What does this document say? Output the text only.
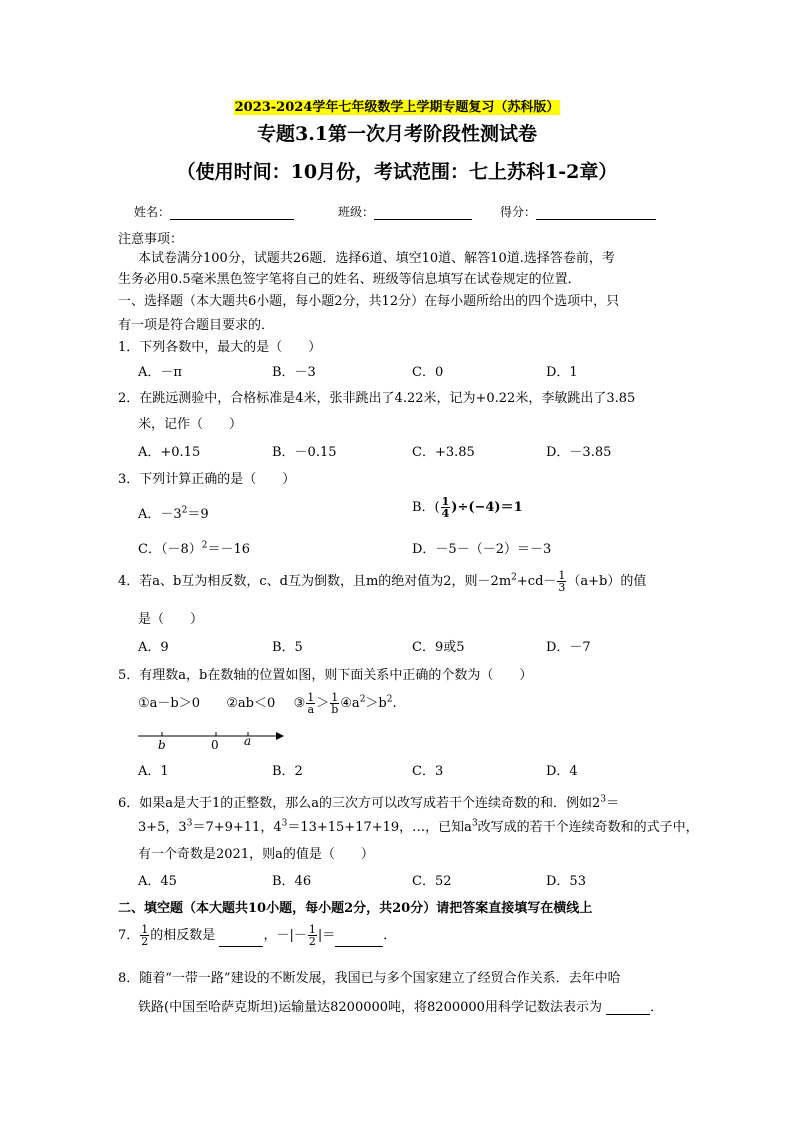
2023-2024学年七年级数学上学期专题复习（苏科版）
专题3.1第一次月考阶段性测试卷
（使用时间：10月份，考试范围：七上苏科1-2章）
姓名：	班级：	得分：
注意事项：
本试卷满分100分，试题共26题．选择6道、填空10道、解答10道.选择答卷前，考
生务必用0.5毫米黑色签字笔将自己的姓名、班级等信息填写在试卷规定的位置．
一、选择题（本大题共6小题，每小题2分，共12分）在每小题所给出的四个选项中，只
有一项是符合题目要求的．
1．下列各数中，最大的是（　　）
A．－π	B．－3	C．0	D．1
2．在跳远测验中，合格标准是4米，张非跳出了4.22米，记为+0.22米，李敏跳出了3.85
米，记作（　　）
A．+0.15	B．－0.15	C．+3.85	D．－3.85
3．下列计算正确的是（　　）
A．$-3^2=9$	B．( $\frac{1}{4} )\div(-4)=1$
C．$(-8)^2=-16$	D．－5－（－2）＝－3
4．若a、b互为相反数，c、d互为倒数，且m的绝对值为2，则$-2m^2+cd- \frac{1}{3} (a+b)$的值
是（　　）
A．9	B．5	C．9或5	D．－7
5．有理数a，b在数轴的位置如图，则下面关系中正确的个数为（　　）
①a－b＞0 ②ab＜0 ③ $\frac{1}{a} > \frac{1}{b}$ $④a^2>b^2$.
b	0 a
A．1	B．2	C．3	D．4
6．如果a是大于1的正整数，那么a的三次方可以改写成若干个连续奇数的和．例如$2^3=$
3+5，$3^3=7+9+11$，$4^3=13+15+17+19$，…，已知$a^3$改写成的若干个连续奇数和的式子中，
有一个奇数是2021，则a的值是（　　）
A．45	B．46	C．52	D．53
二、填空题（本大题共10小题，每小题2分，共20分）请把答案直接填写在横线上
7． $\frac{1}{2}$ 的相反数是	，－|－ $\frac{1}{2}$ |＝	．
8．随着“一带一路”建设的不断发展，我国已与多个国家建立了经贸合作关系．去年中哈
铁路(中国至哈萨克斯坦)运输量达8200000吨，将8200000用科学记数法表示为	．
